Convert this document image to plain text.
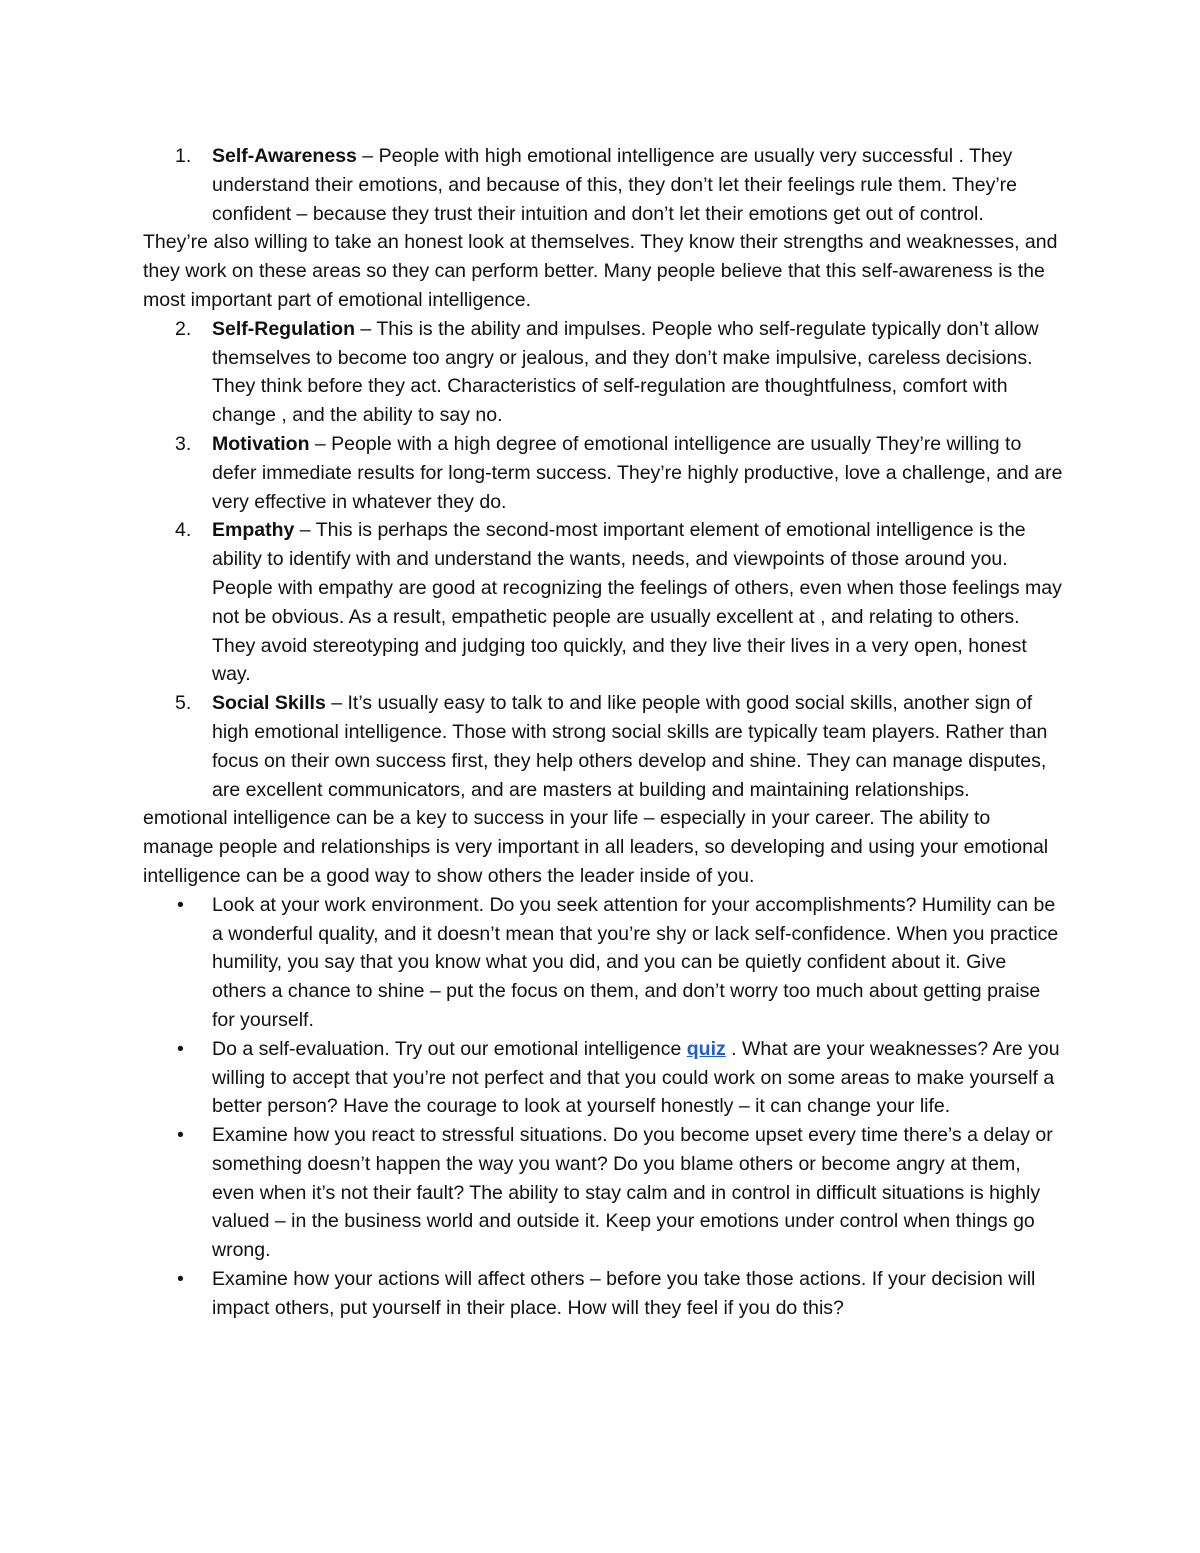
1.	Self-Awareness – People with high emotional intelligence are usually very successful . They understand their emotions, and because of this, they don’t let their feelings rule them. They’re confident – because they trust their intuition and don’t let their emotions get out of control.
They’re also willing to take an honest look at themselves. They know their strengths and weaknesses, and they work on these areas so they can perform better. Many people believe that this self-awareness is the most important part of emotional intelligence.
2.	Self-Regulation – This is the ability and impulses. People who self-regulate typically don’t allow themselves to become too angry or jealous, and they don’t make impulsive, careless decisions. They think before they act. Characteristics of self-regulation are thoughtfulness, comfort with change , and the ability to say no.
3.	Motivation – People with a high degree of emotional intelligence are usually They’re willing to defer immediate results for long-term success. They’re highly productive, love a challenge, and are very effective in whatever they do.
4.	Empathy – This is perhaps the second-most important element of emotional intelligence is the ability to identify with and understand the wants, needs, and viewpoints of those around you. People with empathy are good at recognizing the feelings of others, even when those feelings may not be obvious. As a result, empathetic people are usually excellent at , and relating to others. They avoid stereotyping and judging too quickly, and they live their lives in a very open, honest way.
5.	Social Skills – It’s usually easy to talk to and like people with good social skills, another sign of high emotional intelligence. Those with strong social skills are typically team players. Rather than focus on their own success first, they help others develop and shine. They can manage disputes, are excellent communicators, and are masters at building and maintaining relationships.
emotional intelligence can be a key to success in your life – especially in your career. The ability to manage people and relationships is very important in all leaders, so developing and using your emotional intelligence can be a good way to show others the leader inside of you.
•	Look at your work environment. Do you seek attention for your accomplishments? Humility can be a wonderful quality, and it doesn’t mean that you’re shy or lack self-confidence. When you practice humility, you say that you know what you did, and you can be quietly confident about it. Give others a chance to shine – put the focus on them, and don’t worry too much about getting praise for yourself.
•	Do a self-evaluation. Try out our emotional intelligence quiz . What are your weaknesses? Are you willing to accept that you’re not perfect and that you could work on some areas to make yourself a better person? Have the courage to look at yourself honestly – it can change your life.
•	Examine how you react to stressful situations. Do you become upset every time there’s a delay or something doesn’t happen the way you want? Do you blame others or become angry at them, even when it’s not their fault? The ability to stay calm and in control in difficult situations is highly valued – in the business world and outside it. Keep your emotions under control when things go wrong.
•	Examine how your actions will affect others – before you take those actions. If your decision will impact others, put yourself in their place. How will they feel if you do this?
